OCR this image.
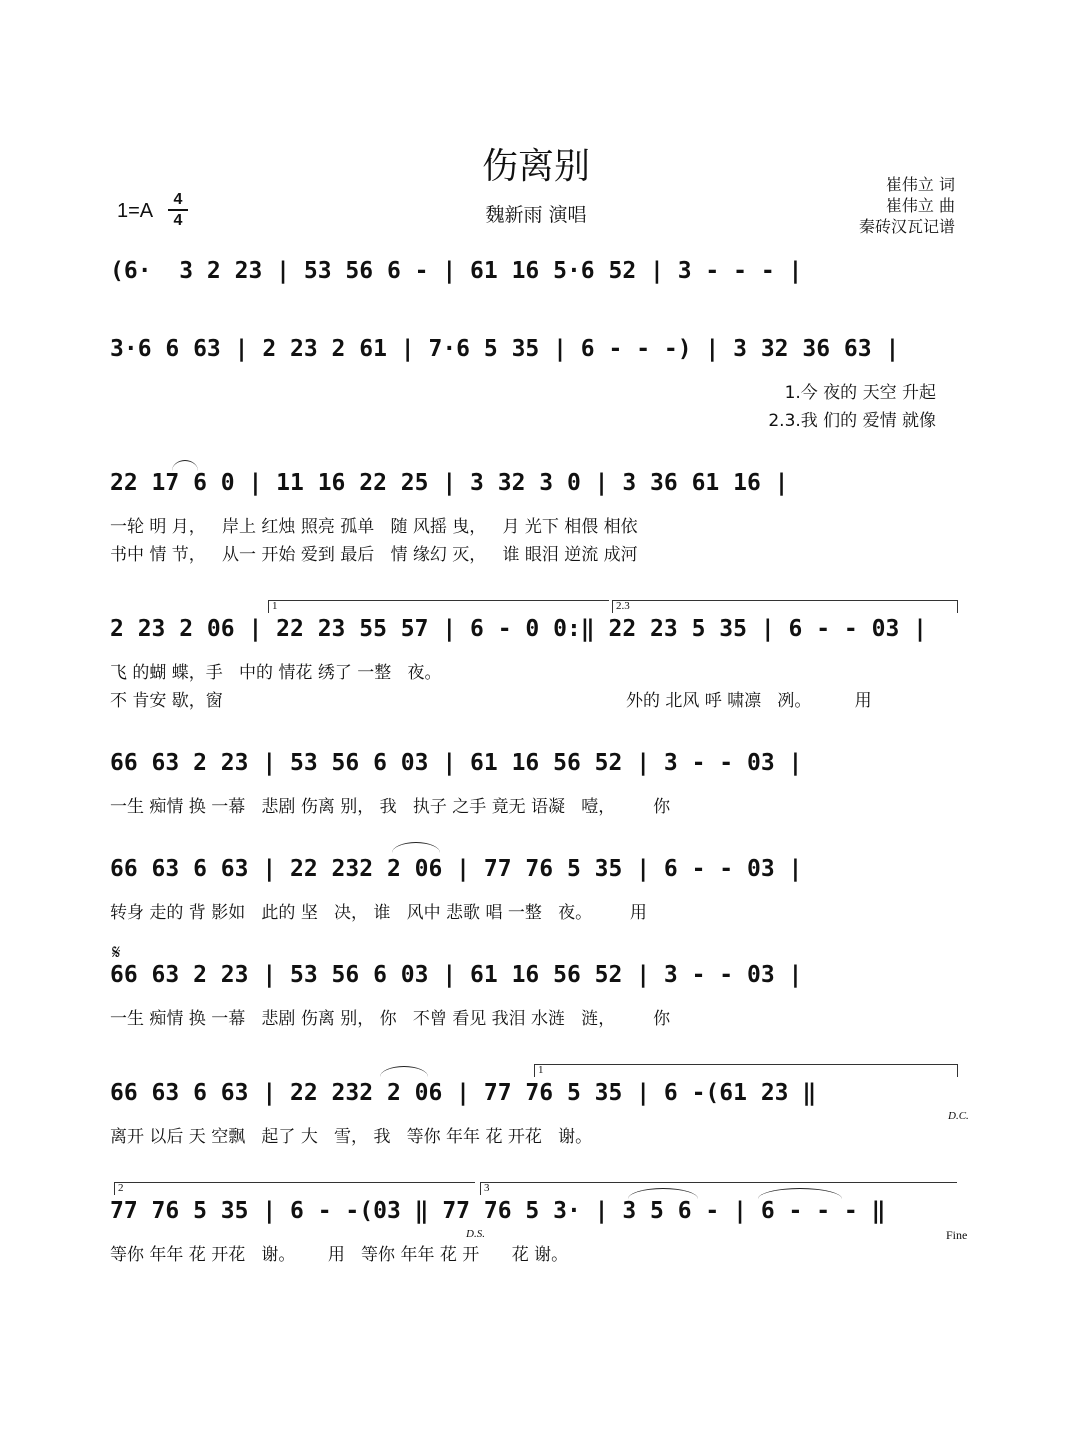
伤离别
魏新雨 演唱
崔伟立 词
崔伟立 曲
秦砖汉瓦记谱
1=A
4
4
(6·  3 2 23 | 53 56 6 - | 61 16 5·6 52 | 3 - - - |
3·6 6 63 | 2 23 2 61 | 7·6 5 35 | 6 - - -) | 3 32 36 63 |
1.今 夜的 天空 升起
2.3.我 们的 爱情 就像
22 17 6 0 | 11 16 22 25 | 3 32 3 0 | 3 36 61 16 |
一轮 明 月，   岸上 红烛 照亮 孤单   随 风摇 曳，   月 光下 相偎 相依
书中 情 节，   从一 开始 爱到 最后   情 缘幻 灭，   谁 眼泪 逆流 成河
1	2.3
2 23 2 06 | 22 23 55 57 | 6 - 0 0:‖ 22 23 5 35 | 6 - - 03 |
飞 的蝴 蝶，手   中的 情花 绣了 一整   夜。
不 肯安 歇，窗	外的 北风 呼 啸凛   冽。        用
66 63 2 23 | 53 56 6 03 | 61 16 56 52 | 3 - - 03 |
一生 痴情 换 一幕   悲剧 伤离 别， 我   执子 之手 竟无 语凝   噎，       你
66 63 6 63 | 22 232 2 06 | 77 76 5 35 | 6 - - 03 |
转身 走的 背 影如   此的 坚   决， 谁   风中 悲歌 唱 一整   夜。       用
𝄋
66 63 2 23 | 53 56 6 03 | 61 16 56 52 | 3 - - 03 |
一生 痴情 换 一幕   悲剧 伤离 别， 你   不曾 看见 我泪 水涟   涟，       你
1
66 63 6 63 | 22 232 2 06 | 77 76 5 35 | 6 -(61 23 ‖
D.C.
离开 以后 天 空飘   起了 大   雪， 我   等你 年年 花 开花   谢。
2	3
77 76 5 35 | 6 - -(03 ‖ 77 76 5 3· | 3 5 6 - | 6 - - - ‖
D.S.	Fine
等你 年年 花 开花   谢。      用   等你 年年 花 开      花 谢。
